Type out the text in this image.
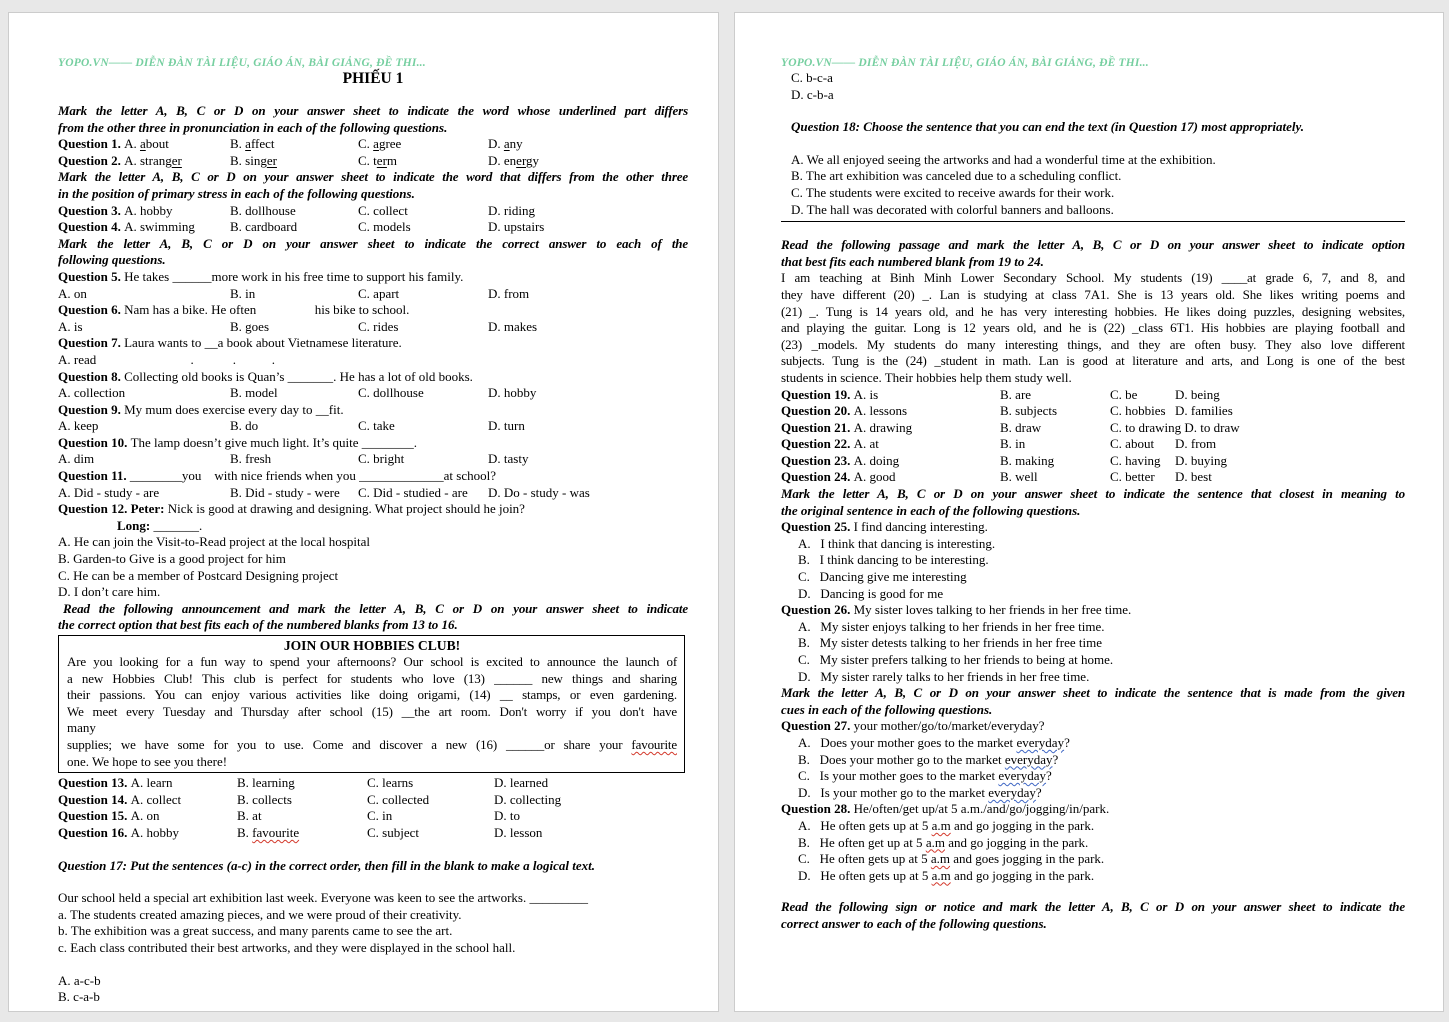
YOPO.VN—— DIỄN ĐÀN TÀI LIỆU, GIÁO ÁN, BÀI GIẢNG, ĐỀ THI...
PHIẾU 1
Mark the letter A, B, C or D on your answer sheet to indicate the word whose underlined part differs
from the other three in pronunciation in each of the following questions.
Question 1. A. about	B. affect	C. agree	D. any
Question 2. A. stranger	B. singer	C. term	D. energy
Mark the letter A, B, C or D on your answer sheet to indicate the word that differs from the other three
in the position of primary stress in each of the following questions.
Question 3. A. hobby	B. dollhouse	C. collect	D. riding
Question 4. A. swimming	B. cardboard	C. models	D. upstairs
Mark the letter A, B, C or D on your answer sheet to indicate the correct answer to each of the
following questions.
Question 5. He takes ______more work in his free time to support his family.
A. on	B. in	C. apart	D. from
Question 6. Nam has a bike. He often                  his bike to school.
A. is	B. goes	C. rides	D. makes
Question 7. Laura wants to __a book about Vietnamese literature.
A. read                             .            .           .
Question 8. Collecting old books is Quan’s _______. He has a lot of old books.
A. collection	B. model	C. dollhouse	D. hobby
Question 9. My mum does exercise every day to __fit.
A. keep	B. do	C. take	D. turn
Question 10. The lamp doesn’t give much light. It’s quite ________.
A. dim	B. fresh	C. bright	D. tasty
Question 11. ________you    with nice friends when you _____________at school?
A. Did - study - are	B. Did - study - were	C. Did - studied - are	D. Do - study - was
Question 12. Peter: Nick is good at drawing and designing. What project should he join?
Long: _______.
A. He can join the Visit-to-Read project at the local hospital
B. Garden-to Give is a good project for him
C. He can be a member of Postcard Designing project
D. I don’t care him.
Read the following announcement and mark the letter A, B, C or D on your answer sheet to indicate
the correct option that best fits each of the numbered blanks from 13 to 16.
JOIN OUR HOBBIES CLUB!
Are you looking for a fun way to spend your afternoons? Our school is excited to announce the launch of
a new Hobbies Club! This club is perfect for students who love (13) ______ new things and sharing
their passions. You can enjoy various activities like doing origami, (14) __ stamps, or even gardening.
We meet every Tuesday and Thursday after school (15) __the art room. Don't worry if you don't have
many
supplies; we have some for you to use. Come and discover a new (16) ______or share your favourite
one. We hope to see you there!
Question 13. A. learn	B. learning	C. learns	D. learned
Question 14. A. collect	B. collects	C. collected	D. collecting
Question 15. A. on	B. at	C. in	D. to
Question 16. A. hobby	B. favourite	C. subject	D. lesson
Question 17: Put the sentences (a-c) in the correct order, then fill in the blank to make a logical text.
Our school held a special art exhibition last week. Everyone was keen to see the artworks. _________
a. The students created amazing pieces, and we were proud of their creativity.
b. The exhibition was a great success, and many parents came to see the art.
c. Each class contributed their best artworks, and they were displayed in the school hall.
A. a-c-b
B. c-a-b
YOPO.VN—— DIỄN ĐÀN TÀI LIỆU, GIÁO ÁN, BÀI GIẢNG, ĐỀ THI...
C. b-c-a
D. c-b-a
Question 18: Choose the sentence that you can end the text (in Question 17) most appropriately.
A. We all enjoyed seeing the artworks and had a wonderful time at the exhibition.
B. The art exhibition was canceled due to a scheduling conflict.
C. The students were excited to receive awards for their work.
D. The hall was decorated with colorful banners and balloons.
Read the following passage and mark the letter A, B, C or D on your answer sheet to indicate option
that best fits each numbered blank from 19 to 24.
I am teaching at Binh Minh Lower Secondary School. My students (19) ____at grade 6, 7, and 8, and
they have different (20) _. Lan is studying at class 7A1. She is 13 years old. She likes writing poems and
(21) _. Tung is 14 years old, and he has very interesting hobbies. He likes doing puzzles, designing websites,
and playing the guitar. Long is 12 years old, and he is (22) _class 6T1. His hobbies are playing football and
(23) _models. My students do many interesting things, and they are often busy. They also love different
subjects. Tung is the (24) _student in math. Lan is good at literature and arts, and Long is one of the best
students in science. Their hobbies help them study well.
Question 19. A. is	B. are	C. be	D. being
Question 20. A. lessons	B. subjects	C. hobbies D. families
Question 21. A. drawing	B. draw	C. to drawing D. to draw
Question 22. A. at	B. in	C. about	D. from
Question 23. A. doing	B. making	C. having	D. buying
Question 24. A. good	B. well	C. better	D. best
Mark the letter A, B, C or D on your answer sheet to indicate the sentence that closest in meaning to
the original sentence in each of the following questions.
Question 25. I find dancing interesting.
A.   I think that dancing is interesting.
B.   I think dancing to be interesting.
C.   Dancing give me interesting
D.   Dancing is good for me
Question 26. My sister loves talking to her friends in her free time.
A.   My sister enjoys talking to her friends in her free time.
B.   My sister detests talking to her friends in her free time
C.   My sister prefers talking to her friends to being at home.
D.   My sister rarely talks to her friends in her free time.
Mark the letter A, B, C or D on your answer sheet to indicate the sentence that is made from the given
cues in each of the following questions.
Question 27. your mother/go/to/market/everyday?
A.   Does your mother goes to the market everyday?
B.   Does your mother go to the market everyday?
C.   Is your mother goes to the market everyday?
D.   Is your mother go to the market everyday?
Question 28. He/often/get up/at 5 a.m./and/go/jogging/in/park.
A.   He often gets up at 5 a.m and go jogging in the park.
B.   He often get up at 5 a.m and go jogging in the park.
C.   He often gets up at 5 a.m and goes jogging in the park.
D.   He often gets up at 5 a.m and go jogging in the park.
Read the following sign or notice and mark the letter A, B, C or D on your answer sheet to indicate the
correct answer to each of the following questions.
